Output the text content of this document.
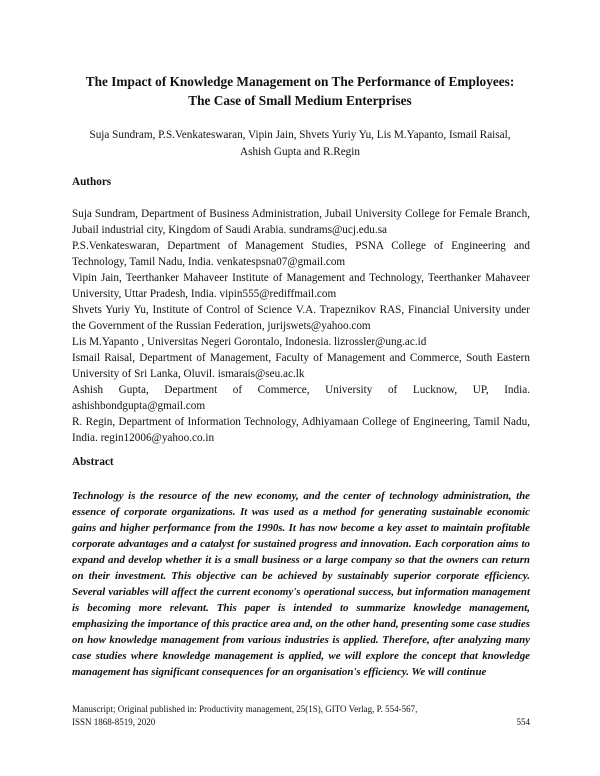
The Impact of Knowledge Management on The Performance of Employees:
The Case of Small Medium Enterprises

Suja Sundram, P.S.Venkateswaran, Vipin Jain, Shvets Yuriy Yu, Lis M.Yapanto, Ismail Raisal,
Ashish Gupta and R.Regin

Authors

Suja Sundram, Department of Business Administration, Jubail University College for Female Branch, Jubail industrial city, Kingdom of Saudi Arabia. sundrams@ucj.edu.sa

P.S.Venkateswaran, Department of Management Studies, PSNA College of Engineering and Technology, Tamil Nadu, India. venkatespsna07@gmail.com

Vipin Jain, Teerthanker Mahaveer Institute of Management and Technology, Teerthanker Mahaveer University, Uttar Pradesh, India. vipin555@rediffmail.com

Shvets Yuriy Yu, Institute of Control of Science V.A. Trapeznikov RAS, Financial University under the Government of the Russian Federation, jurijswets@yahoo.com

Lis M.Yapanto , Universitas Negeri Gorontalo, Indonesia. lizrossler@ung.ac.id

Ismail Raisal, Department of Management, Faculty of Management and Commerce, South Eastern University of Sri Lanka, Oluvil. ismarais@seu.ac.lk

Ashish Gupta, Department of Commerce, University of Lucknow, UP, India. ashishbondgupta@gmail.com

R. Regin, Department of Information Technology, Adhiyamaan College of Engineering, Tamil Nadu, India. regin12006@yahoo.co.in

Abstract

Technology is the resource of the new economy, and the center of technology administration, the essence of corporate organizations. It was used as a method for generating sustainable economic gains and higher performance from the 1990s. It has now become a key asset to maintain profitable corporate advantages and a catalyst for sustained progress and innovation. Each corporation aims to expand and develop whether it is a small business or a large company so that the owners can return on their investment. This objective can be achieved by sustainably superior corporate efficiency. Several variables will affect the current economy's operational success, but information management is becoming more relevant. This paper is intended to summarize knowledge management, emphasizing the importance of this practice area and, on the other hand, presenting some case studies on how knowledge management from various industries is applied. Therefore, after analyzing many case studies where knowledge management is applied, we will explore the concept that knowledge management has significant consequences for an organisation's efficiency. We will continue

Manuscript; Original published in: Productivity management, 25(1S), GITO Verlag, P. 554-567,
ISSN 1868-8519, 2020	554
